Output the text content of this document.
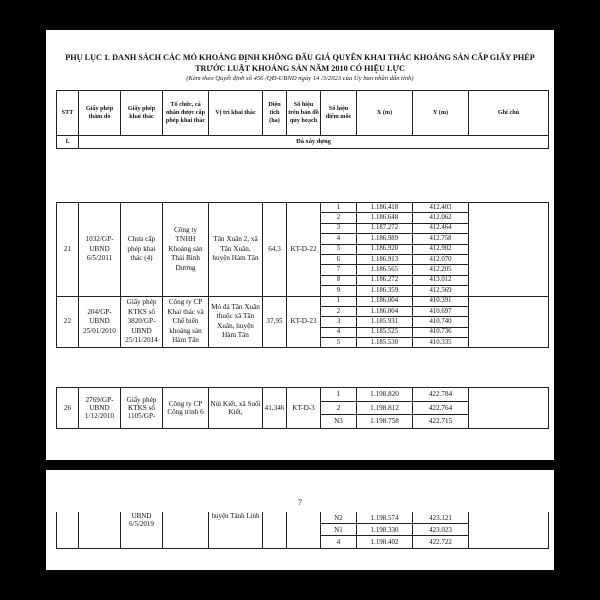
PHỤ LỤC 1. DANH SÁCH CÁC MỎ KHOÁNG ĐỊNH KHÔNG ĐẤU GIÁ QUYỀN KHAI THÁC KHOÁNG SẢN CẤP GIẤY PHÉP
TRƯỚC LUẬT KHOÁNG SẢN NĂM 2010 CÓ HIỆU LỰC
(Kèm theo Quyết định số 456 /QĐ-UBND ngày 14 /3/2023 của Ủy ban nhân dân tỉnh)
STT	Giấy phép thăm dò	Giấy phép khai thác	Tổ chức, cá nhân được cấp phép khai thác	Vị trí khai thác	Diện tích (ha)	Số hiệu trên bản đồ quy hoạch	Số hiệu điểm mốc	X (m)	Y (m)	Ghi chú
I.	Đá xây dựng									
21	1032/GP-UBND 6/5/2011	Chưa cấp phép khai thác (4)	Công ty TNHH Khoáng sản Thái Bình Dương	Tân Xuân 2, xã Tân Xuân, huyện Hàm Tân	64,3	KT-D-22	1	1.186.418	412.403	
							2	1.186.648	412.062	
							3	1.187.272	412.464	
							4	1.186.989	412.758	
							5	1.186.920	412.902	
							6	1.186.913	412.070	
							7	1.186.565	412.205	
							8	1.186.272	413.012	
							9	1.186.359	412.569	
22	204/GP-UBND 25/01/2010	Giấy phép KTKS số 3820/GP-UBND 25/11/2014	Công ty CP Khai thác và Chế biến khoáng sản Hàm Tân	Mỏ đá Tân Xuân thuộc xã Tân Xuân, huyện Hàm Tân	37,95	KT-D-23	1	1.186.004	410.391	
							2	1.186.004	410.697	
							3	1.185.931	410.740	
							4	1.185.525	410.736	
							5	1.185.530	410.335	
26	2769/GP-UBND 1/12/2010	Giấy phép KTKS số 1105/GP-	Công ty CP Công trình 6	Núi Kiết, xã Suối Kiết,	41,346	KT-D-3	1	1.198.820	422.784	
							2	1.198.812	422.764	
							N3	1.198.758	422.715	
7
		UBND 6/5/2019		huyện Tánh Linh			N2	1.198.574	423.121	
							N1	1.198.330	423.023	
							4	1.198.402	422.722	
